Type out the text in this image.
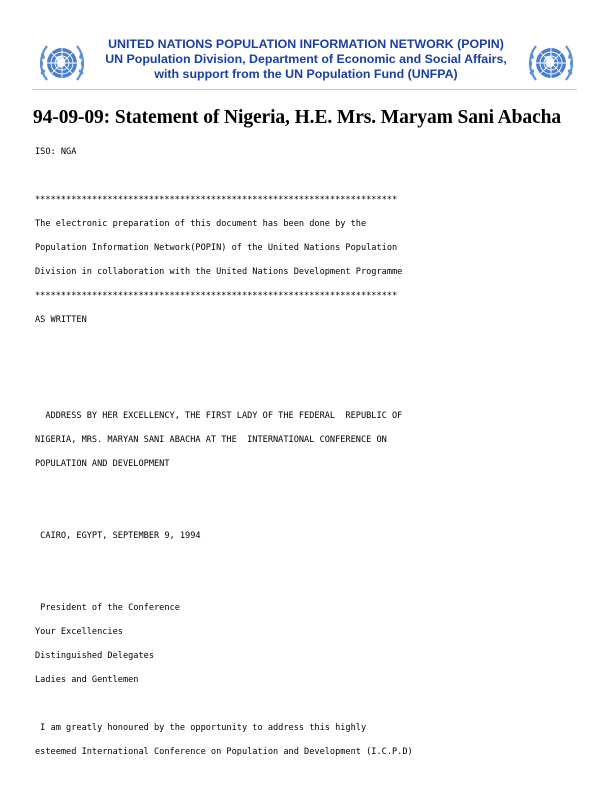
UNITED NATIONS POPULATION INFORMATION NETWORK (POPIN)
UN Population Division, Department of Economic and Social Affairs,
with support from the UN Population Fund (UNFPA)
94-09-09: Statement of Nigeria, H.E. Mrs. Maryam Sani Abacha
ISO: NGA
**********************************************************************
The electronic preparation of this document has been done by the
Population Information Network(POPIN) of the United Nations Population
Division in collaboration with the United Nations Development Programme
**********************************************************************
AS WRITTEN
ADDRESS BY HER EXCELLENCY, THE FIRST LADY OF THE FEDERAL  REPUBLIC OF
NIGERIA, MRS. MARYAN SANI ABACHA AT THE  INTERNATIONAL CONFERENCE ON
POPULATION AND DEVELOPMENT
CAIRO, EGYPT, SEPTEMBER 9, 1994
President of the Conference
Your Excellencies
Distinguished Delegates
Ladies and Gentlemen
I am greatly honoured by the opportunity to address this highly
esteemed International Conference on Population and Development (I.C.P.D)
